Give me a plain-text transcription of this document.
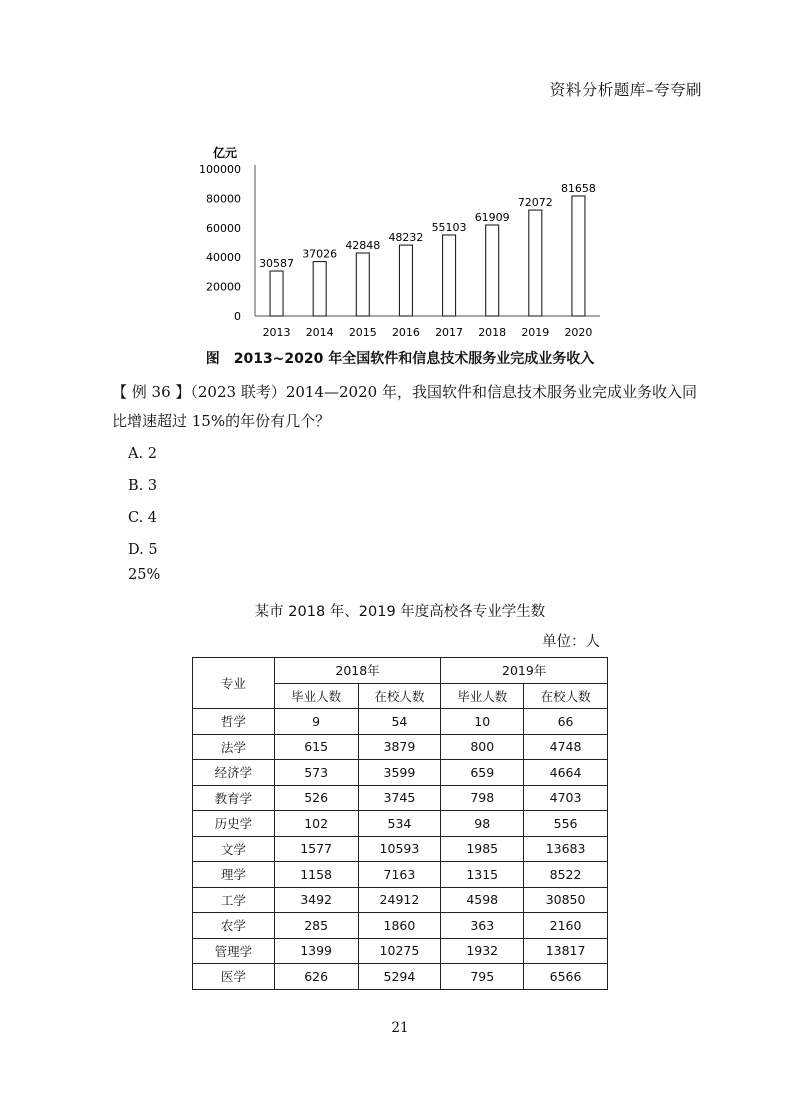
资料分析题库–夸夸刷
亿元
0
20000
40000
60000
80000
100000
30587
2013
37026
2014
42848
2015
48232
2016
55103
2017
61909
2018
72072
2019
81658
2020
图　2013~2020 年全国软件和信息技术服务业完成业务收入
【 例 36 】（2023 联考）2014—2020 年，我国软件和信息技术服务业完成业务收入同比增速超过 15%的年份有几个？
A. 2
B. 3
C. 4
D. 5
25%
某市 2018 年、2019 年度高校各专业学生数
单位：人
专业	2018年		2019年	
	毕业人数	在校人数	毕业人数	在校人数
哲学	9	54	10	66
法学	615	3879	800	4748
经济学	573	3599	659	4664
教育学	526	3745	798	4703
历史学	102	534	98	556
文学	1577	10593	1985	13683
理学	1158	7163	1315	8522
工学	3492	24912	4598	30850
农学	285	1860	363	2160
管理学	1399	10275	1932	13817
医学	626	5294	795	6566
21
